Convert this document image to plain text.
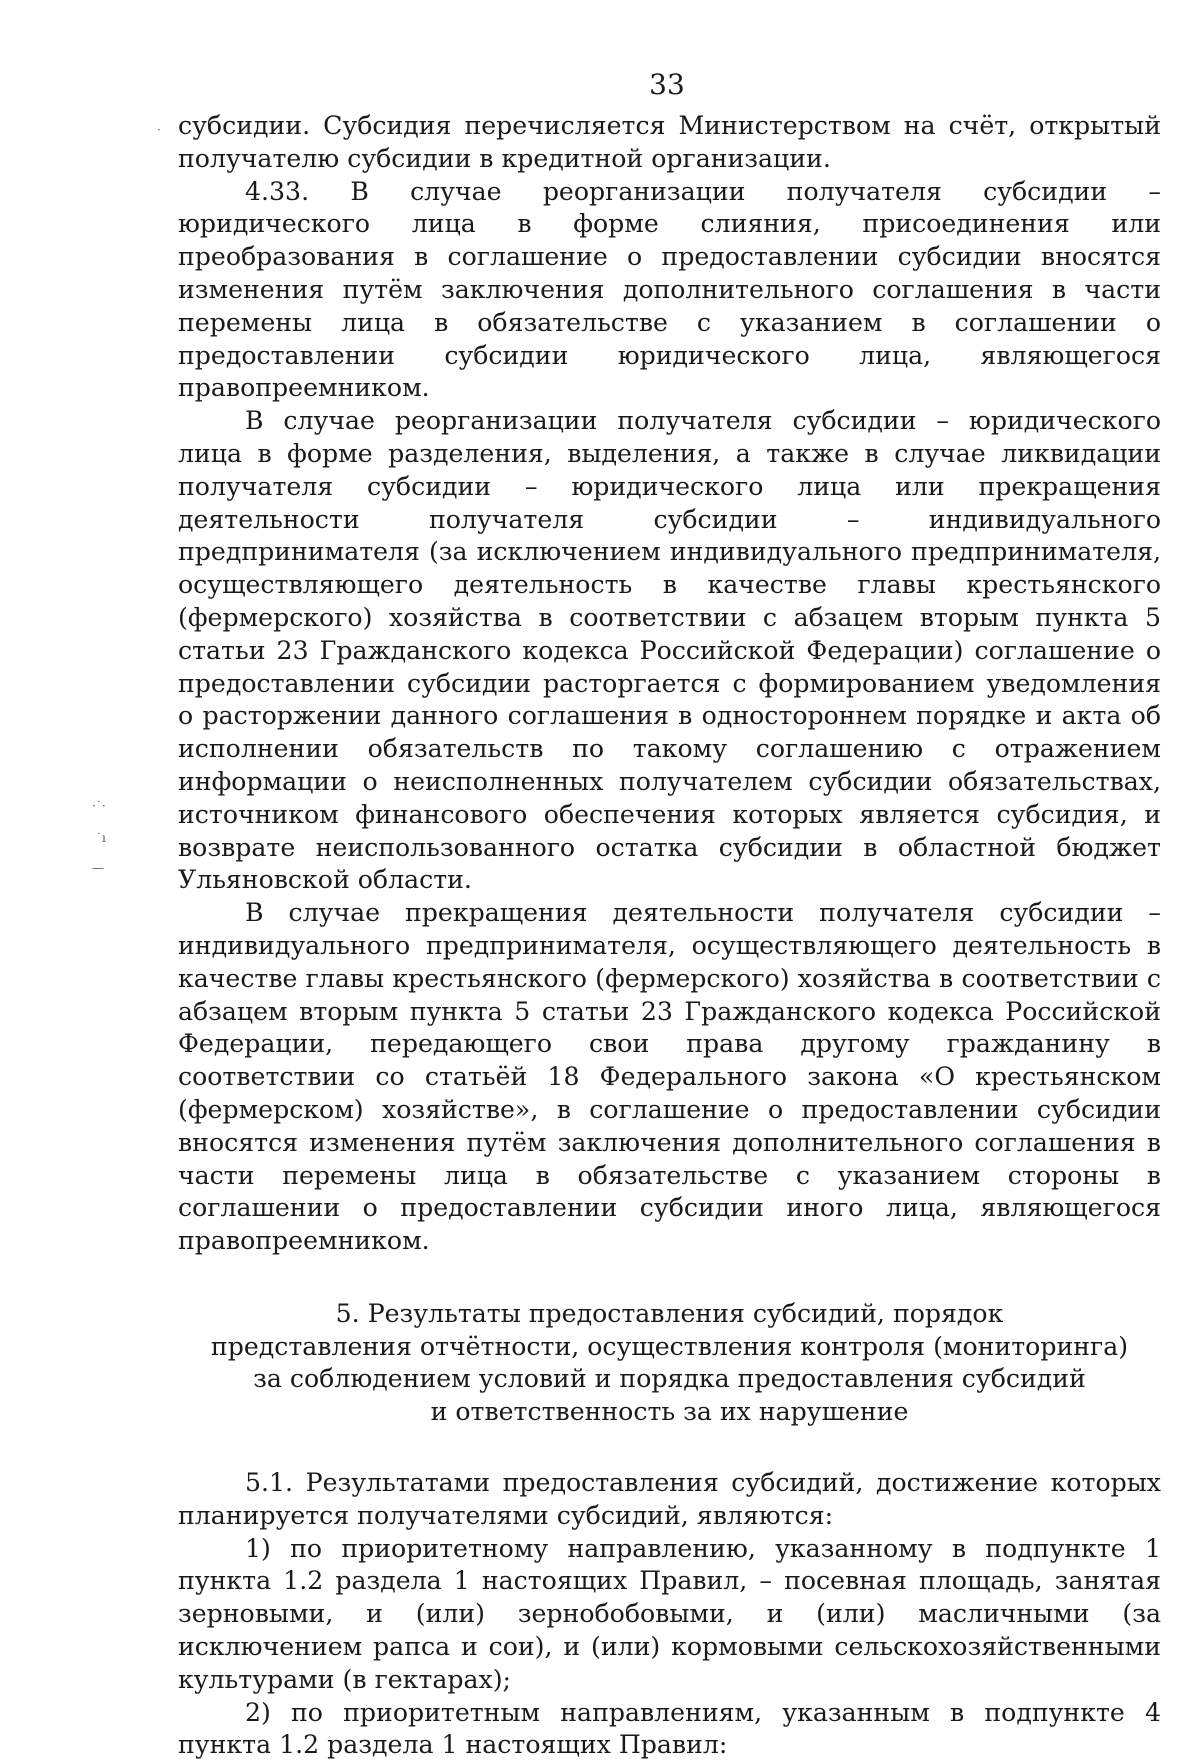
33

субсидии. Субсидия перечисляется Министерством на счёт, открытый получателю субсидии в кредитной организации.

4.33. В случае реорганизации получателя субсидии – юридического лица в форме слияния, присоединения или преобразования в соглашение о предоставлении субсидии вносятся изменения путём заключения дополнительного соглашения в части перемены лица в обязательстве с указанием в соглашении о предоставлении субсидии юридического лица, являющегося правопреемником.

В случае реорганизации получателя субсидии – юридического лица в форме разделения, выделения, а также в случае ликвидации получателя субсидии – юридического лица или прекращения деятельности получателя субсидии – индивидуального предпринимателя (за исключением индивидуального предпринимателя, осуществляющего деятельность в качестве главы крестьянского (фермерского) хозяйства в соответствии с абзацем вторым пункта 5 статьи 23 Гражданского кодекса Российской Федерации) соглашение о предоставлении субсидии расторгается с формированием уведомления о расторжении данного соглашения в одностороннем порядке и акта об исполнении обязательств по такому соглашению с отражением информации о неисполненных получателем субсидии обязательствах, источником финансового обеспечения которых является субсидия, и возврате неиспользованного остатка субсидии в областной бюджет Ульяновской области.

В случае прекращения деятельности получателя субсидии – индивидуального предпринимателя, осуществляющего деятельность в качестве главы крестьянского (фермерского) хозяйства в соответствии с абзацем вторым пункта 5 статьи 23 Гражданского кодекса Российской Федерации, передающего свои права другому гражданину в соответствии со статьёй 18 Федерального закона «О крестьянском (фермерском) хозяйстве», в соглашение о предоставлении субсидии вносятся изменения путём заключения дополнительного соглашения в части перемены лица в обязательстве с указанием стороны в соглашении о предоставлении субсидии иного лица, являющегося правопреемником.

5. Результаты предоставления субсидий, порядок
представления отчётности, осуществления контроля (мониторинга)
за соблюдением условий и порядка предоставления субсидий
и ответственность за их нарушение

5.1. Результатами предоставления субсидий, достижение которых планируется получателями субсидий, являются:

1) по приоритетному направлению, указанному в подпункте 1 пункта 1.2 раздела 1 настоящих Правил, – посевная площадь, занятая зерновыми, и (или) зернобобовыми, и (или) масличными (за исключением рапса и сои), и (или) кормовыми сельскохозяйственными культурами (в гектарах);

2) по приоритетным направлениям, указанным в подпункте 4 пункта 1.2 раздела 1 настоящих Правил:

·˙·
˙ı
—
·
